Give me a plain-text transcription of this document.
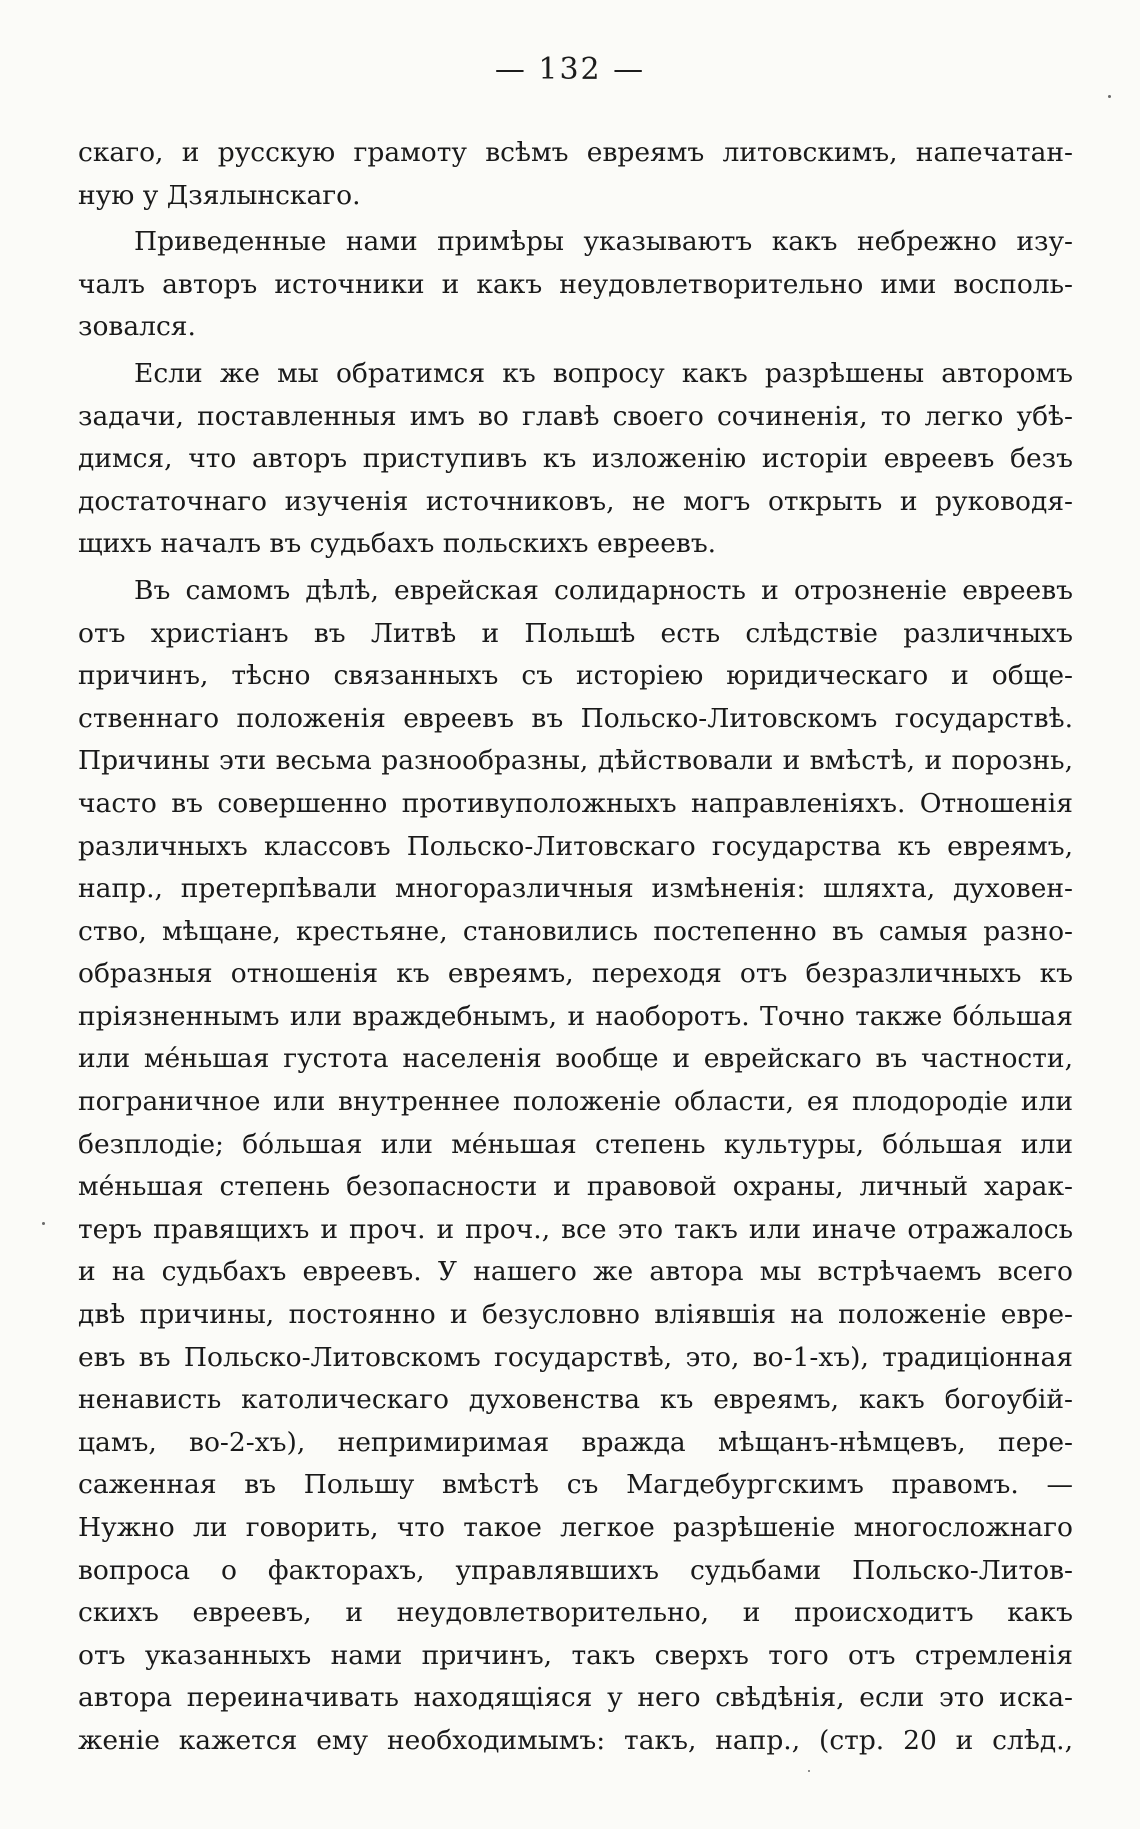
— 132 —
скаго, и русскую грамоту всѣмъ евреямъ литовскимъ, напечатан-
ную у Дзялынскаго.
Приведенные нами примѣры указываютъ какъ небрежно изу-
чалъ авторъ источники и какъ неудовлетворительно ими восполь-
зовался.
Если же мы обратимся къ вопросу какъ разрѣшены авторомъ
задачи, поставленныя имъ во главѣ своего сочиненія, то легко убѣ-
димся, что авторъ приступивъ къ изложенію исторіи евреевъ безъ
достаточнаго изученія источниковъ, не могъ открыть и руководя-
щихъ началъ въ судьбахъ польскихъ евреевъ.
Въ самомъ дѣлѣ, еврейская солидарность и отрозненіе евреевъ
отъ христіанъ въ Литвѣ и Польшѣ есть слѣдствіе различныхъ
причинъ, тѣсно связанныхъ съ исторіею юридическаго и обще-
ственнаго положенія евреевъ въ Польско-Литовскомъ государствѣ.
Причины эти весьма разнообразны, дѣйствовали и вмѣстѣ, и порознь,
часто въ совершенно противуположныхъ направленіяхъ. Отношенія
различныхъ классовъ Польско-Литовскаго государства къ евреямъ,
напр., претерпѣвали многоразличныя измѣненія: шляхта, духовен-
ство, мѣщане, крестьяне, становились постепенно въ самыя разно-
образныя отношенія къ евреямъ, переходя отъ безразличныхъ къ
пріязненнымъ или враждебнымъ, и наоборотъ. Точно также бóльшая
или мéньшая густота населенія вообще и еврейскаго въ частности,
пограничное или внутреннее положеніе области, ея плодородіе или
безплодіе; бóльшая или мéньшая степень культуры, бóльшая или
мéньшая степень безопасности и правовой охраны, личный харак-
теръ правящихъ и проч. и проч., все это такъ или иначе отражалось
и на судьбахъ евреевъ. У нашего же автора мы встрѣчаемъ всего
двѣ причины, постоянно и безусловно вліявшія на положеніе евре-
евъ въ Польско-Литовскомъ государствѣ, это, во-1-хъ), традиціонная
ненависть католическаго духовенства къ евреямъ, какъ богоубій-
цамъ, во-2-хъ), непримиримая вражда мѣщанъ-нѣмцевъ, пере-
саженная въ Польшу вмѣстѣ съ Магдебургскимъ правомъ. —
Нужно ли говорить, что такое легкое разрѣшеніе многосложнаго
вопроса о факторахъ, управлявшихъ судьбами Польско-Литов-
скихъ евреевъ, и неудовлетворительно, и происходитъ какъ
отъ указанныхъ нами причинъ, такъ сверхъ того отъ стремленія
автора переиначивать находящіяся у него свѣдѣнія, если это иска-
женіе кажется ему необходимымъ: такъ, напр., (стр. 20 и слѣд.,
